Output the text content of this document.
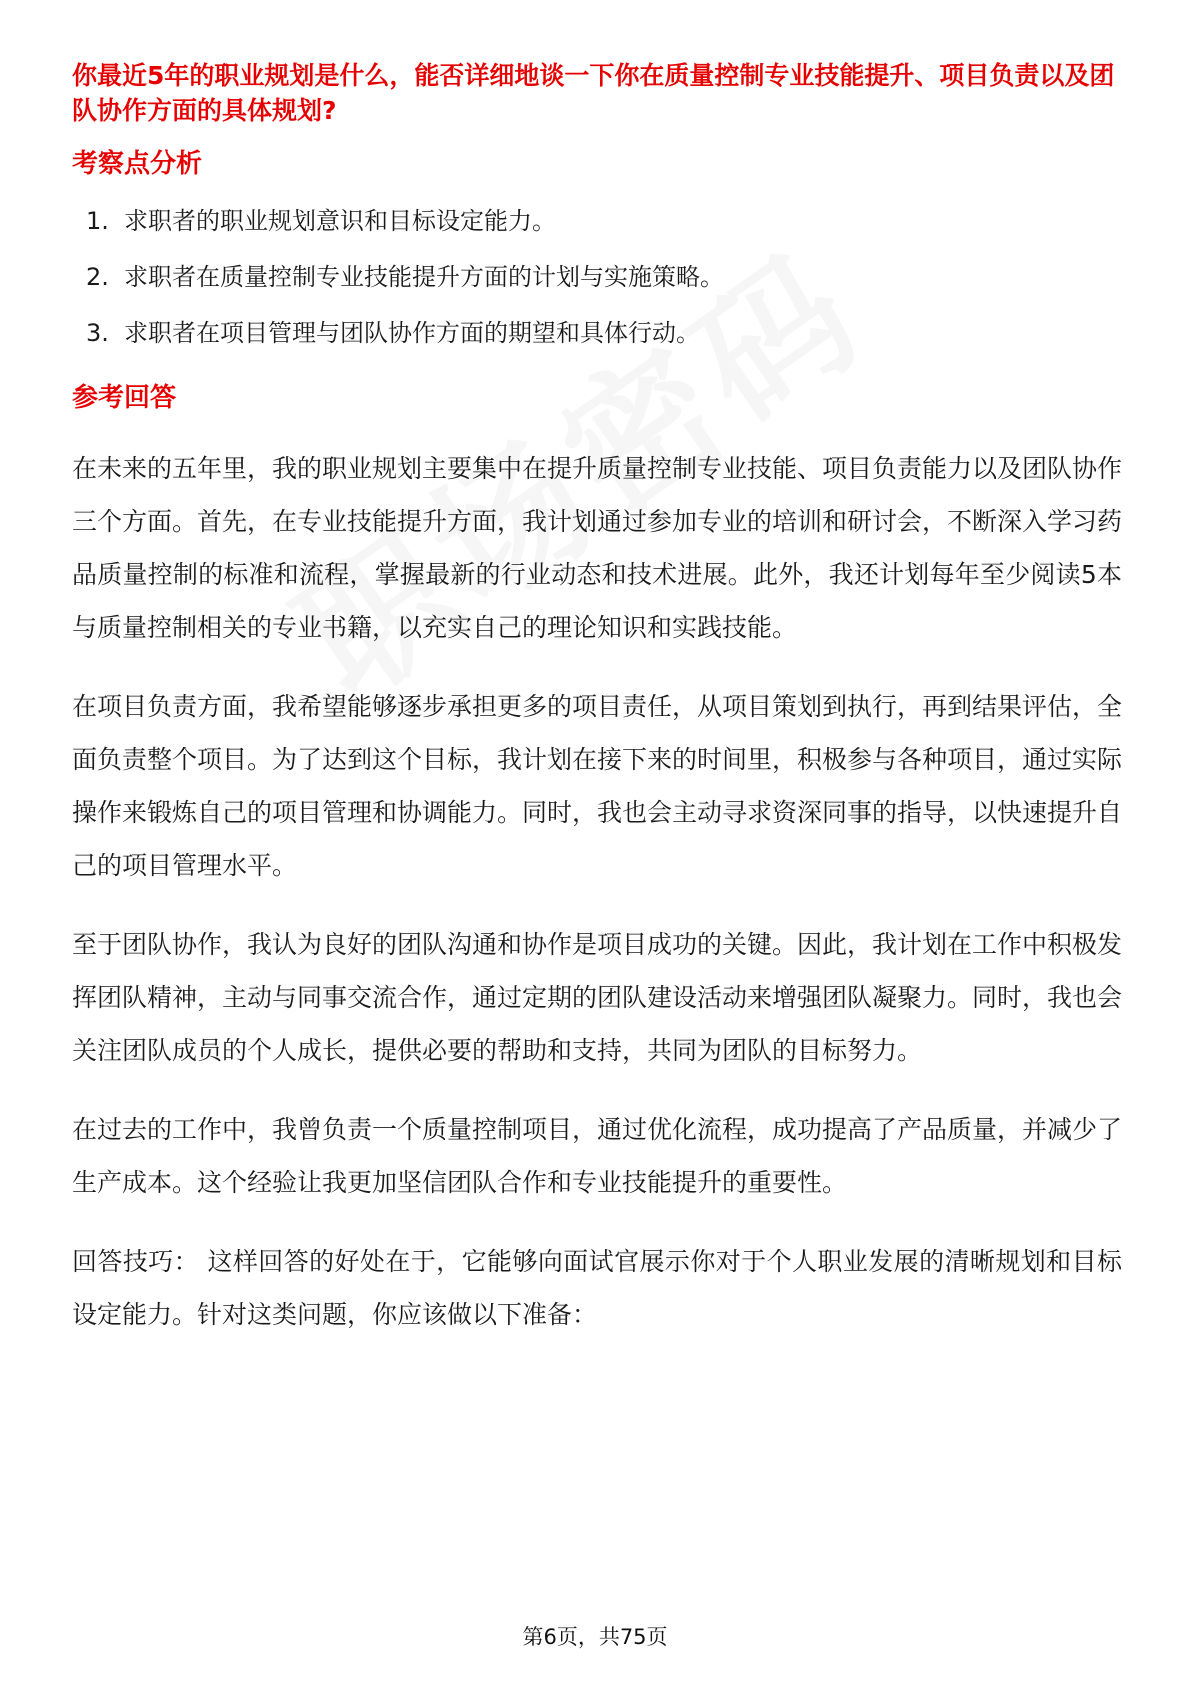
你最近5年的职业规划是什么，能否详细地谈一下你在质量控制专业技能提升、项目负责以及团队协作方面的具体规划?

考察点分析
1. 求职者的职业规划意识和目标设定能力。
2. 求职者在质量控制专业技能提升方面的计划与实施策略。
3. 求职者在项目管理与团队协作方面的期望和具体行动。
参考回答

在未来的五年里，我的职业规划主要集中在提升质量控制专业技能、项目负责能力以及团队协作三个方面。首先，在专业技能提升方面，我计划通过参加专业的培训和研讨会，不断深入学习药品质量控制的标准和流程，掌握最新的行业动态和技术进展。此外，我还计划每年至少阅读5本与质量控制相关的专业书籍，以充实自己的理论知识和实践技能。

在项目负责方面，我希望能够逐步承担更多的项目责任，从项目策划到执行，再到结果评估，全面负责整个项目。为了达到这个目标，我计划在接下来的时间里，积极参与各种项目，通过实际操作来锻炼自己的项目管理和协调能力。同时，我也会主动寻求资深同事的指导，以快速提升自己的项目管理水平。

至于团队协作，我认为良好的团队沟通和协作是项目成功的关键。因此，我计划在工作中积极发挥团队精神，主动与同事交流合作，通过定期的团队建设活动来增强团队凝聚力。同时，我也会关注团队成员的个人成长，提供必要的帮助和支持，共同为团队的目标努力。

在过去的工作中，我曾负责一个质量控制项目，通过优化流程，成功提高了产品质量，并减少了生产成本。这个经验让我更加坚信团队合作和专业技能提升的重要性。

回答技巧： 这样回答的好处在于，它能够向面试官展示你对于个人职业发展的清晰规划和目标设定能力。针对这类问题，你应该做以下准备：

第6页，共75页
